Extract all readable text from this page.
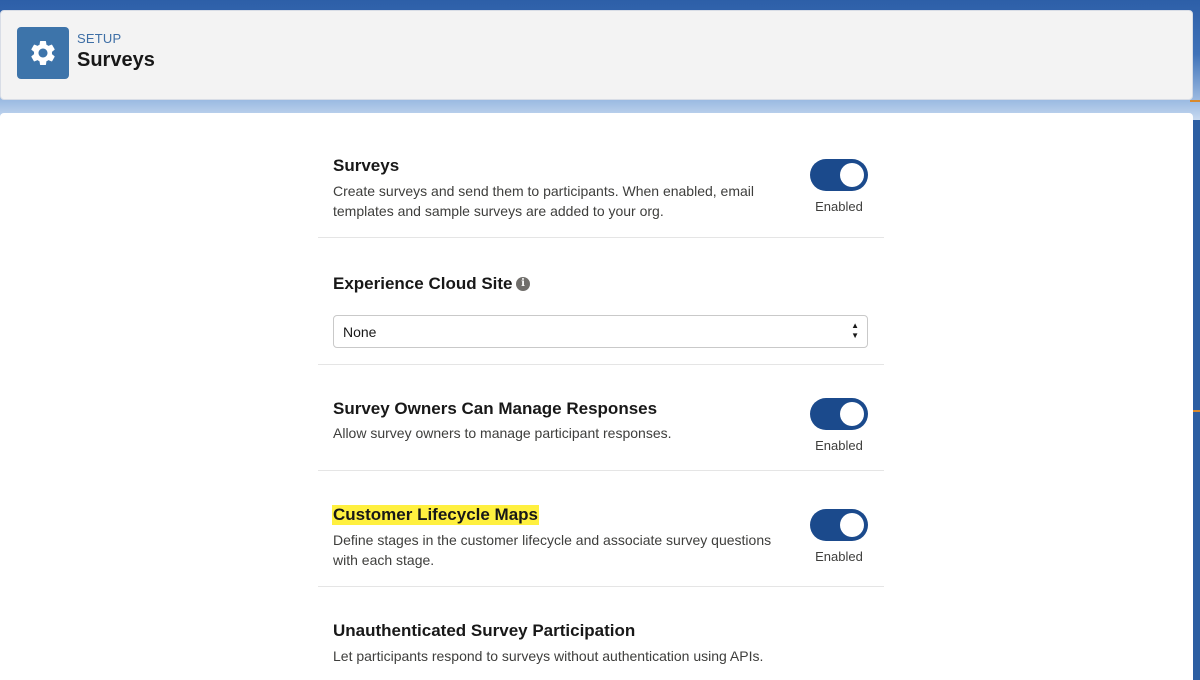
SETUP
Surveys
Surveys
Create surveys and send them to participants. When enabled, email templates and sample surveys are added to your org.	Enabled
Experience Cloud Site i
None	▲
▼
Survey Owners Can Manage Responses
Allow survey owners to manage participant responses.
Enabled
Customer Lifecycle Maps
Define stages in the customer lifecycle and associate survey questions with each stage.	Enabled
Unauthenticated Survey Participation
Let participants respond to surveys without authentication using APIs.
